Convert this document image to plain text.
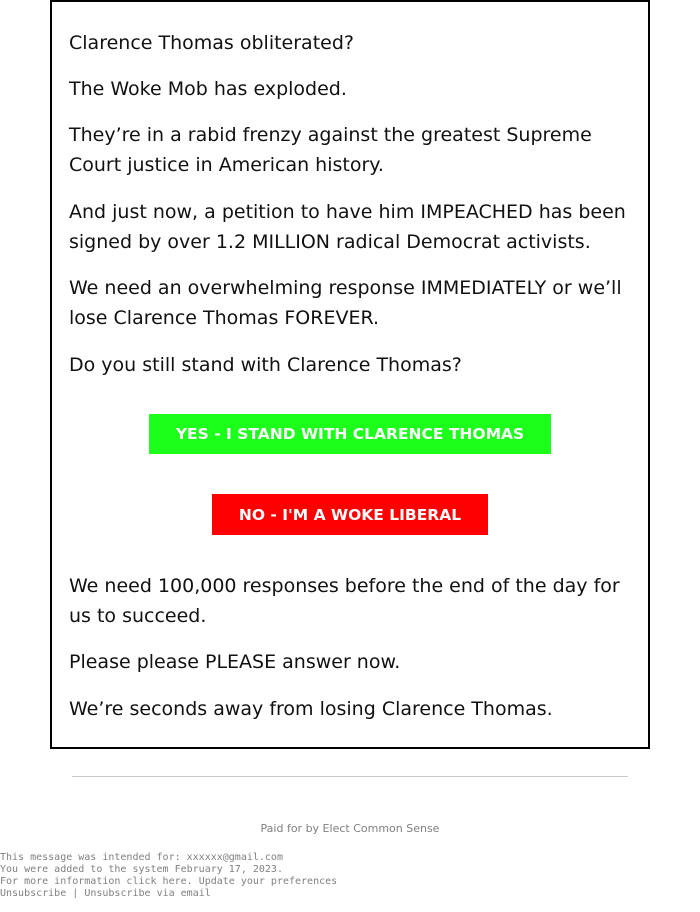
Clarence Thomas obliterated?

The Woke Mob has exploded.

They’re in a rabid frenzy against the greatest Supreme Court justice in American history.

And just now, a petition to have him IMPEACHED has been signed by over 1.2 MILLION radical Democrat activists.

We need an overwhelming response IMMEDIATELY or we’ll lose Clarence Thomas FOREVER.

Do you still stand with Clarence Thomas?

YES - I STAND WITH CLARENCE THOMAS
NO - I'M A WOKE LIBERAL

We need 100,000 responses before the end of the day for us to succeed.

Please please PLEASE answer now.

We’re seconds away from losing Clarence Thomas.

Paid for by Elect Common Sense
This message was intended for: xxxxxx@gmail.com
You were added to the system February 17, 2023.
For more information click here. Update your preferences
Unsubscribe | Unsubscribe via email
